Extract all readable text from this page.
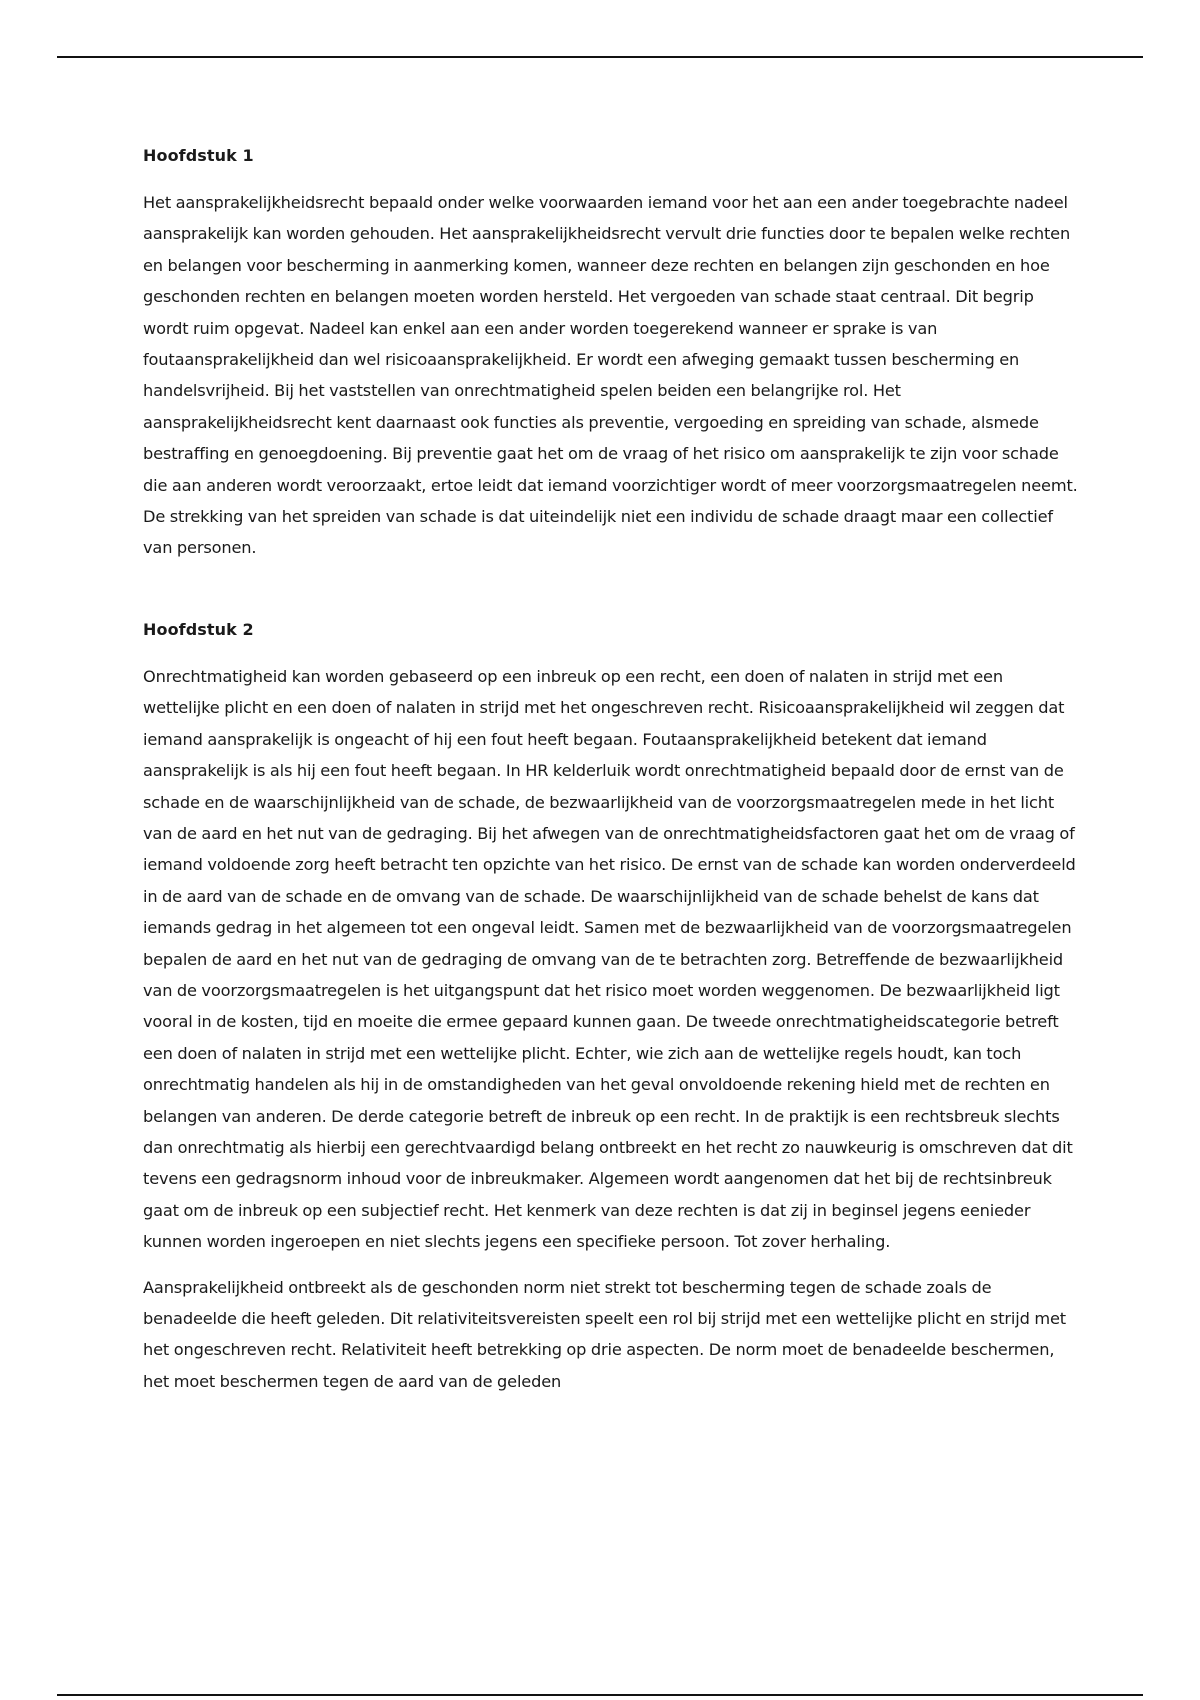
Hoofdstuk 1

Het aansprakelijkheidsrecht bepaald onder welke voorwaarden iemand voor het aan een ander toegebrachte nadeel aansprakelijk kan worden gehouden. Het aansprakelijkheidsrecht vervult drie functies door te bepalen welke rechten en belangen voor bescherming in aanmerking komen, wanneer deze rechten en belangen zijn geschonden en hoe geschonden rechten en belangen moeten worden hersteld. Het vergoeden van schade staat centraal. Dit begrip wordt ruim opgevat. Nadeel kan enkel aan een ander worden toegerekend wanneer er sprake is van foutaansprakelijkheid dan wel risicoaansprakelijkheid. Er wordt een afweging gemaakt tussen bescherming en handelsvrijheid. Bij het vaststellen van onrechtmatigheid spelen beiden een belangrijke rol. Het aansprakelijkheidsrecht kent daarnaast ook functies als preventie, vergoeding en spreiding van schade, alsmede bestraffing en genoegdoening. Bij preventie gaat het om de vraag of het risico om aansprakelijk te zijn voor schade die aan anderen wordt veroorzaakt, ertoe leidt dat iemand voorzichtiger wordt of meer voorzorgsmaatregelen neemt. De strekking van het spreiden van schade is dat uiteindelijk niet een individu de schade draagt maar een collectief van personen.

Hoofdstuk 2

Onrechtmatigheid kan worden gebaseerd op een inbreuk op een recht, een doen of nalaten in strijd met een wettelijke plicht en een doen of nalaten in strijd met het ongeschreven recht. Risicoaansprakelijkheid wil zeggen dat iemand aansprakelijk is ongeacht of hij een fout heeft begaan. Foutaansprakelijkheid betekent dat iemand aansprakelijk is als hij een fout heeft begaan. In HR kelderluik wordt onrechtmatigheid bepaald door de ernst van de schade en de waarschijnlijkheid van de schade, de bezwaarlijkheid van de voorzorgsmaatregelen mede in het licht van de aard en het nut van de gedraging. Bij het afwegen van de onrechtmatigheidsfactoren gaat het om de vraag of iemand voldoende zorg heeft betracht ten opzichte van het risico. De ernst van de schade kan worden onderverdeeld in de aard van de schade en de omvang van de schade. De waarschijnlijkheid van de schade behelst de kans dat iemands gedrag in het algemeen tot een ongeval leidt. Samen met de bezwaarlijkheid van de voorzorgsmaatregelen bepalen de aard en het nut van de gedraging de omvang van de te betrachten zorg. Betreffende de bezwaarlijkheid van de voorzorgsmaatregelen is het uitgangspunt dat het risico moet worden weggenomen. De bezwaarlijkheid ligt vooral in de kosten, tijd en moeite die ermee gepaard kunnen gaan. De tweede onrechtmatigheidscategorie betreft een doen of nalaten in strijd met een wettelijke plicht. Echter, wie zich aan de wettelijke regels houdt, kan toch onrechtmatig handelen als hij in de omstandigheden van het geval onvoldoende rekening hield met de rechten en belangen van anderen. De derde categorie betreft de inbreuk op een recht. In de praktijk is een rechtsbreuk slechts dan onrechtmatig als hierbij een gerechtvaardigd belang ontbreekt en het recht zo nauwkeurig is omschreven dat dit tevens een gedragsnorm inhoud voor de inbreukmaker. Algemeen wordt aangenomen dat het bij de rechtsinbreuk gaat om de inbreuk op een subjectief recht. Het kenmerk van deze rechten is dat zij in beginsel jegens eenieder kunnen worden ingeroepen en niet slechts jegens een specifieke persoon. Tot zover herhaling.

Aansprakelijkheid ontbreekt als de geschonden norm niet strekt tot bescherming tegen de schade zoals de benadeelde die heeft geleden. Dit relativiteitsvereisten speelt een rol bij strijd met een wettelijke plicht en strijd met het ongeschreven recht. Relativiteit heeft betrekking op drie aspecten. De norm moet de benadeelde beschermen, het moet beschermen tegen de aard van de geleden
